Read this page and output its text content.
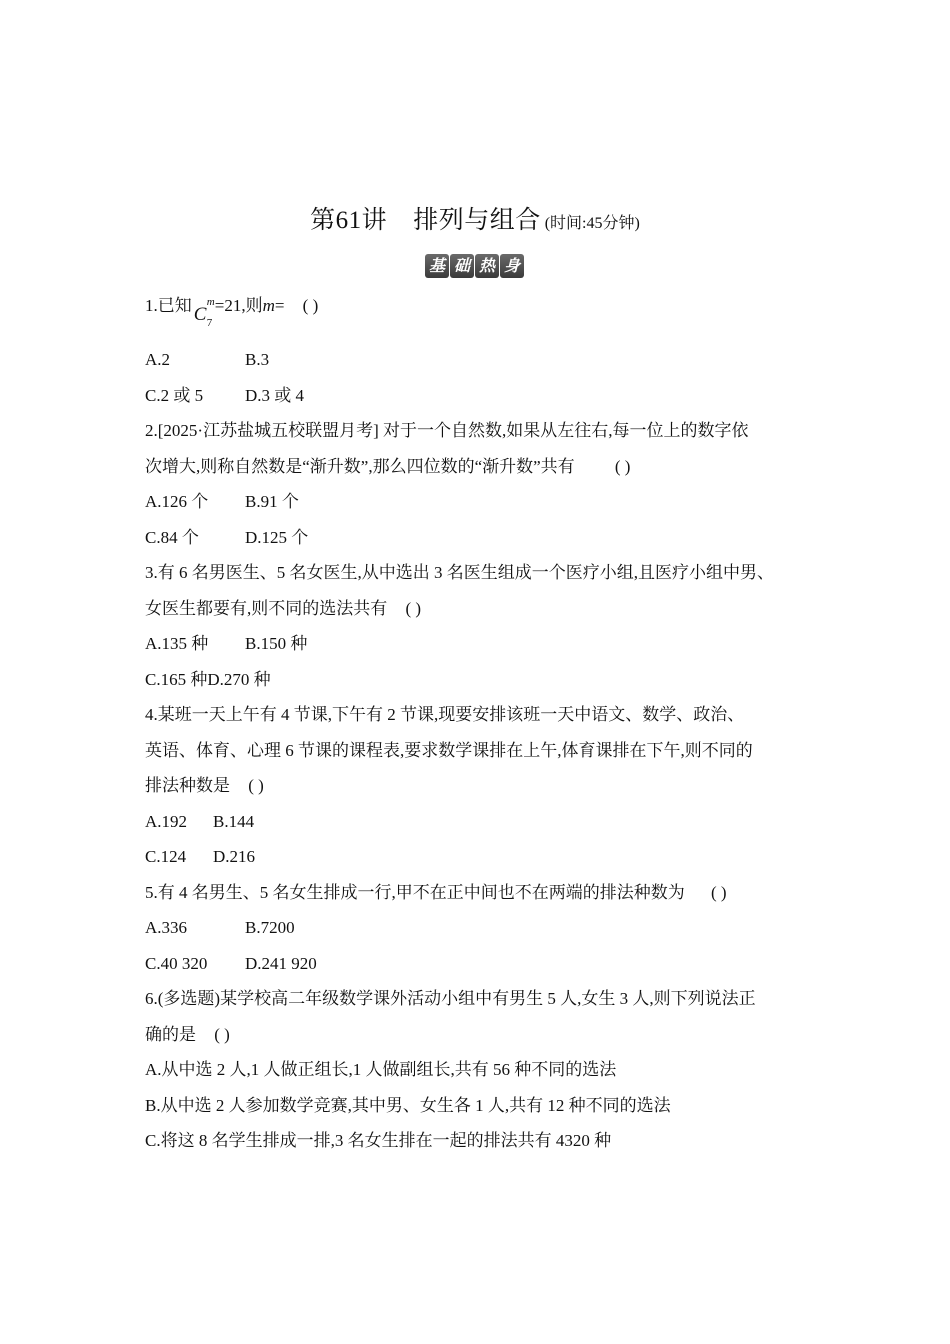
第61讲 排列与组合 (时间:45分钟)
基 础 热 身
1.已知 C
m
7
=21,则m= ( )
A.2	B.3
C.2 或 5 D.3 或 4
2.[2025·江苏盐城五校联盟月考] 对于一个自然数,如果从左往右,每一位上的数字依
次增大,则称自然数是“渐升数”,那么四位数的“渐升数”共有 ( )
A.126 个 B.91 个
C.84 个	D.125 个
3.有 6 名男医生、5 名女医生,从中选出 3 名医生组成一个医疗小组,且医疗小组中男、
女医生都要有,则不同的选法共有 ( )
A.135 种 B.150 种
C.165 种D.270 种
4.某班一天上午有 4 节课,下午有 2 节课,现要安排该班一天中语文、数学、政治、
英语、体育、心理 6 节课的课程表,要求数学课排在上午,体育课排在下午,则不同的
排法种数是 ( )
A.192 B.144
C.124 D.216
5.有 4 名男生、5 名女生排成一行,甲不在正中间也不在两端的排法种数为 ( )
A.336	B.7200
C.40 320 D.241 920
6.(多选题)某学校高二年级数学课外活动小组中有男生 5 人,女生 3 人,则下列说法正
确的是 ( )
A.从中选 2 人,1 人做正组长,1 人做副组长,共有 56 种不同的选法
B.从中选 2 人参加数学竞赛,其中男、女生各 1 人,共有 12 种不同的选法
C.将这 8 名学生排成一排,3 名女生排在一起的排法共有 4320 种
